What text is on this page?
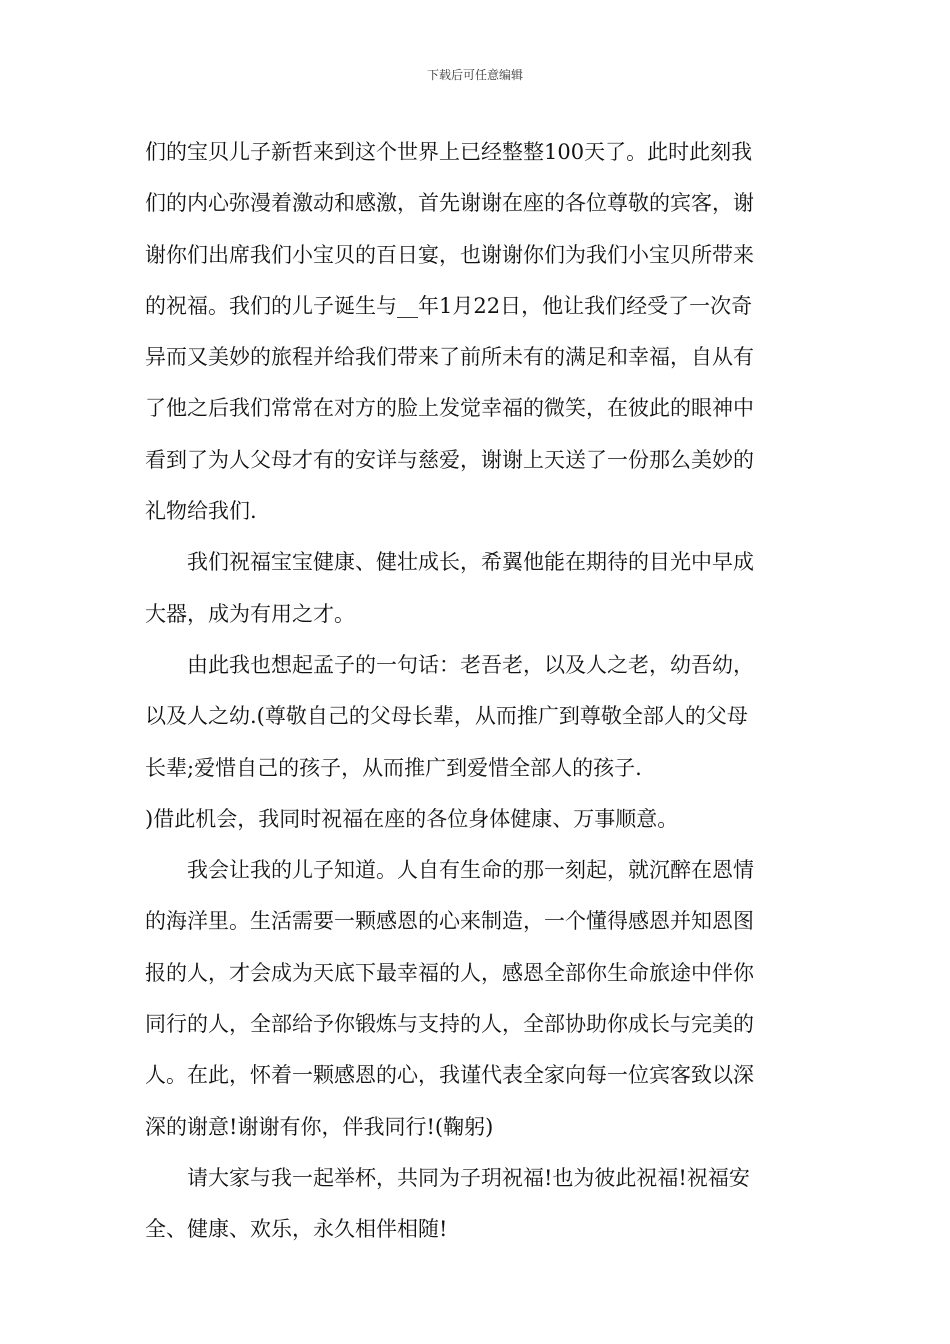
下载后可任意编辑
们的宝贝儿子新哲来到这个世界上已经整整100天了。此时此刻我
们的内心弥漫着激动和感激，首先谢谢在座的各位尊敬的宾客，谢
谢你们出席我们小宝贝的百日宴，也谢谢你们为我们小宝贝所带来
的祝福。我们的儿子诞生与__年1月22日，他让我们经受了一次奇
异而又美妙的旅程并给我们带来了前所未有的满足和幸福，自从有
了他之后我们常常在对方的脸上发觉幸福的微笑，在彼此的眼神中
看到了为人父母才有的安详与慈爱，谢谢上天送了一份那么美妙的
礼物给我们.
我们祝福宝宝健康、健壮成长，希翼他能在期待的目光中早成
大器，成为有用之才。
由此我也想起孟子的一句话：老吾老，以及人之老，幼吾幼，
以及人之幼.(尊敬自己的父母长辈，从而推广到尊敬全部人的父母
长辈;爱惜自己的孩子，从而推广到爱惜全部人的孩子.
)借此机会，我同时祝福在座的各位身体健康、万事顺意。
我会让我的儿子知道。人自有生命的那一刻起，就沉醉在恩情
的海洋里。生活需要一颗感恩的心来制造，一个懂得感恩并知恩图
报的人，才会成为天底下最幸福的人，感恩全部你生命旅途中伴你
同行的人，全部给予你锻炼与支持的人，全部协助你成长与完美的
人。在此，怀着一颗感恩的心，我谨代表全家向每一位宾客致以深
深的谢意!谢谢有你，伴我同行!(鞠躬)
请大家与我一起举杯，共同为子玥祝福!也为彼此祝福!祝福安
全、健康、欢乐，永久相伴相随!
